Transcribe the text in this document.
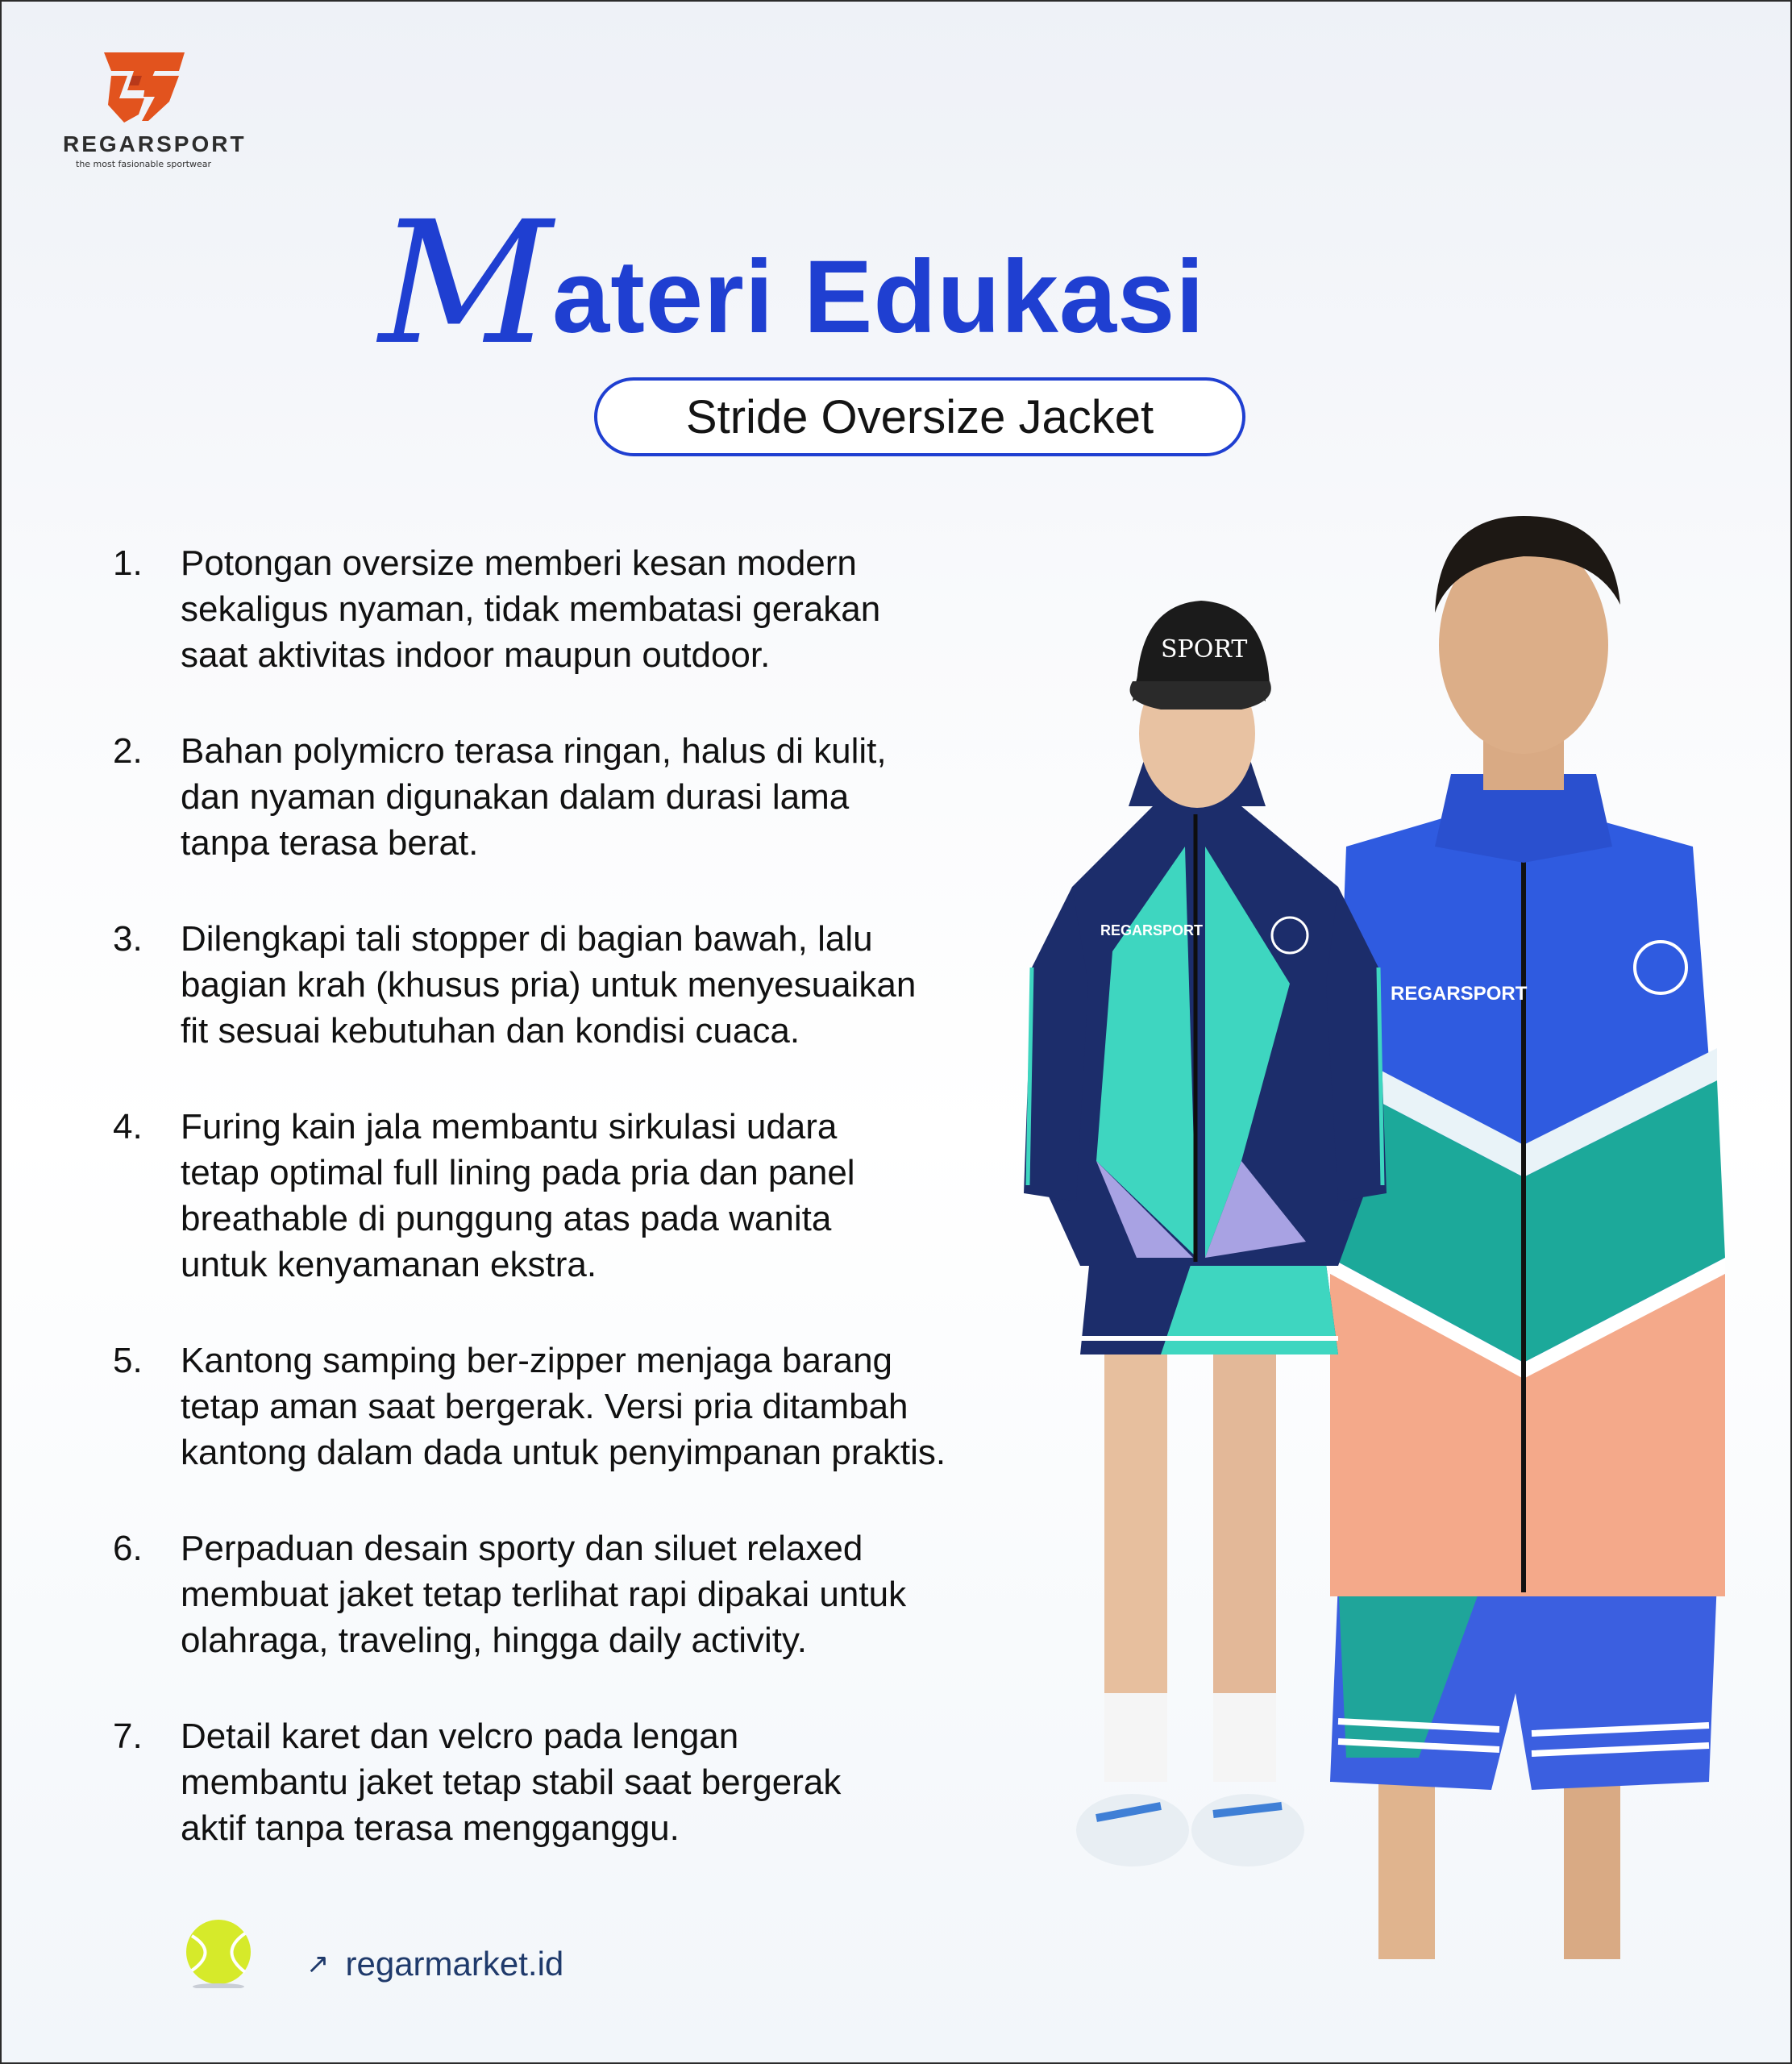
REGARSPORT
the most fasionable sportwear
Materi Edukasi
Stride Oversize Jacket
1.	Potongan oversize memberi kesan modern
sekaligus nyaman, tidak membatasi gerakan
saat aktivitas indoor maupun outdoor.
2.	Bahan polymicro terasa ringan, halus di kulit,
dan nyaman digunakan dalam durasi lama
tanpa terasa berat.
3.	Dilengkapi tali stopper di bagian bawah, lalu
bagian krah (khusus pria) untuk menyesuaikan
fit sesuai kebutuhan dan kondisi cuaca.
4.	Furing kain jala membantu sirkulasi udara
tetap optimal full lining pada pria dan panel
breathable di punggung atas pada wanita
untuk kenyamanan ekstra.
5.	Kantong samping ber-zipper menjaga barang
tetap aman saat bergerak. Versi pria ditambah
kantong dalam dada untuk penyimpanan praktis.
6.	Perpaduan desain sporty dan siluet relaxed
membuat jaket tetap terlihat rapi dipakai untuk
olahraga, traveling, hingga daily activity.
7.	Detail karet dan velcro pada lengan
membantu jaket tetap stabil saat bergerak
aktif tanpa terasa mengganggu.
REGARSPORT
SPORT
REGARSPORT
↗ regarmarket.id
